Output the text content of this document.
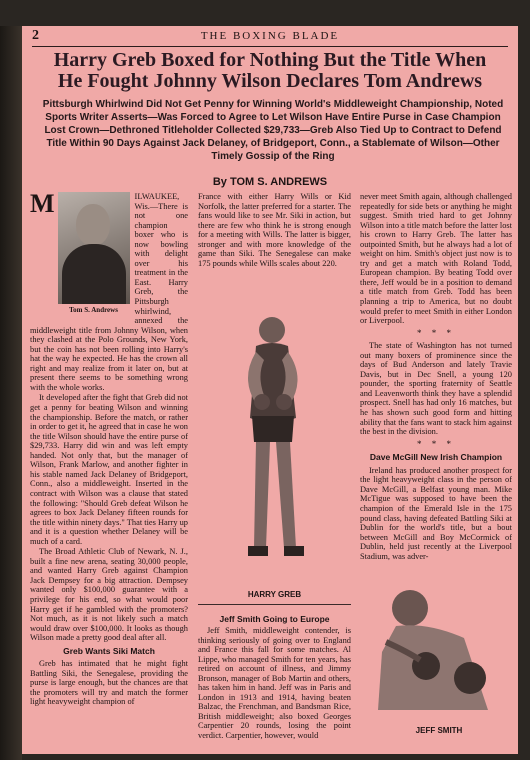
2	THE BOXING BLADE
Harry Greb Boxed for Nothing But the Title When
He Fought Johnny Wilson Declares Tom Andrews
Pittsburgh Whirlwind Did Not Get Penny for Winning World's Middleweight Championship, Noted Sports Writer Asserts—Was Forced to Agree to Let Wilson Have Entire Purse in Case Champion Lost Crown—Dethroned Titleholder Collected $29,733—Greb Also Tied Up to Contract to Defend Title Within 90 Days Against Jack Delaney, of Bridgeport, Conn., a Stablemate of Wilson—Other Timely Gossip of the Ring
By TOM S. ANDREWS

M
Tom S. Andrews
ILWAUKEE, Wis.—There is not one champion boxer who is now bowling with delight over his treatment in the East. Harry Greb, the Pittsburgh whirlwind, annexed the middleweight title from Johnny Wilson, when they clashed at the Polo Grounds, New York, but the coin has not been rolling into Harry's hat the way he expected. He has the crown all right and may realize from it later on, but at present there seems to be something wrong with the whole works.

It developed after the fight that Greb did not get a penny for beating Wilson and winning the championship. Before the match, or rather in order to get it, he agreed that in case he won the title Wilson should have the entire purse of $29,733. Harry did win and was left empty handed. Not only that, but the manager of Wilson, Frank Marlow, and another fighter in his stable named Jack Delaney of Bridgeport, Conn., also a middleweight. Inserted in the contract with Wilson was a clause that stated the following: "Should Greb defeat Wilson he agrees to box Jack Delaney fifteen rounds for the title within ninety days." That ties Harry up and it is a question whether Delaney will be much of a card.

The Broad Athletic Club of Newark, N. J., built a fine new arena, seating 30,000 people, and wanted Harry Greb against Champion Jack Dempsey for a big attraction. Dempsey wanted only $100,000 guarantee with a privilege for his end, so what would poor Harry get if he gambled with the promoters? Not much, as it is not likely such a match would draw over $100,000. It looks as though Wilson made a pretty good deal after all.

Greb Wants Siki Match

Greb has intimated that he might fight Battling Siki, the Senegalese, providing the purse is large enough, but the chances are that the promoters will try and match the former light heavyweight champion of

France with either Harry Wills or Kid Norfolk, the latter preferred for a starter. The fans would like to see Mr. Siki in action, but there are few who think he is strong enough for a meeting with Wills. The latter is bigger, stronger and with more knowledge of the game than Siki. The Senegalese can make 175 pounds while Wills scales about 220.

HARRY GREB
Jeff Smith Going to Europe

Jeff Smith, middleweight contender, is thinking seriously of going over to England and France this fall for some matches. Al Lippe, who managed Smith for ten years, has retired on account of illness, and Jimmy Bronson, manager of Bob Martin and others, has taken him in hand. Jeff was in Paris and London in 1913 and 1914, having beaten Balzac, the Frenchman, and Bandsman Rice, British middleweight; also boxed Georges Carpentier 20 rounds, losing the point verdict. Carpentier, however, would

never meet Smith again, although challenged repeatedly for side bets or anything he might suggest. Smith tried hard to get Johnny Wilson into a title match before the latter lost his crown to Harry Greb. The latter has outpointed Smith, but he always had a lot of weight on him. Smith's object just now is to try and get a match with Roland Todd, European champion. By beating Todd over there, Jeff would be in a position to demand a title match from Greb. Todd has been planning a trip to America, but no doubt would prefer to meet Smith in either London or Liverpool.

* * *

The state of Washington has not turned out many boxers of prominence since the days of Bud Anderson and lately Travie Davis, but in Dec Snell, a young 120 pounder, the sporting fraternity of Seattle and Leavenworth think they have a splendid prospect. Snell has had only 16 matches, but he has shown such good form and hitting ability that the fans want to stack him against the best in the division.

* * *
Dave McGill New Irish Champion

Ireland has produced another prospect for the light heavyweight class in the person of Dave McGill, a Belfast young man. Mike McTigue was supposed to have been the champion of the Emerald Isle in the 175 pound class, having defeated Battling Siki at Dublin for the world's title, but a bout between McGill and Boy McCormick of Dublin, held just recently at the Liverpool Stadium, was adver-

JEFF SMITH
